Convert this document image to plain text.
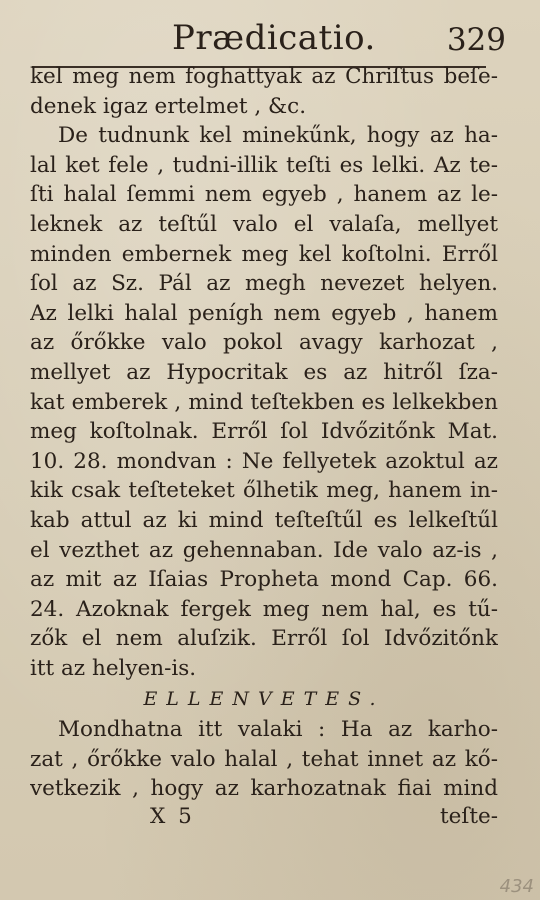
Prædicatio. 329
kel meg nem foghattyak az Chriſtus beſe-
denek igaz ertelmet , &c.
De tudnunk kel minekűnk, hogy az ha-
lal ket fele , tudni-illik teſti es lelki. Az te-
ſti halal ſemmi nem egyeb , hanem az le-
leknek az teſtűl valo el valaſa, mellyet
minden embernek meg kel koſtolni. Erről
ſol az Sz. Pál az megh nevezet helyen.
Az lelki halal penígh nem egyeb , hanem
az őrőkke valo pokol avagy karhozat ,
mellyet az Hypocritak es az hitről ſza-
kat emberek , mind teſtekben es lelkekben
meg koſtolnak. Erről ſol Idvőzitőnk Mat.
10. 28. mondvan : Ne fellyetek azoktul az
kik csak teſteteket őlhetik meg, hanem in-
kab attul az ki mind teſteſtűl es lelkeſtűl
el vezthet az gehennaban. Ide valo az-is ,
az mit az Iſaias Propheta mond Cap. 66.
24. Azoknak fergek meg nem hal, es tű-
zők el nem aluſzik. Erről ſol Idvőzitőnk
itt az helyen-is.
ELLENVETES.
Mondhatna itt valaki : Ha az karho-
zat , őrőkke valo halal , tehat innet az kő-
vetkezik , hogy az karhozatnak fiai mind
X 5	teſte-
434
